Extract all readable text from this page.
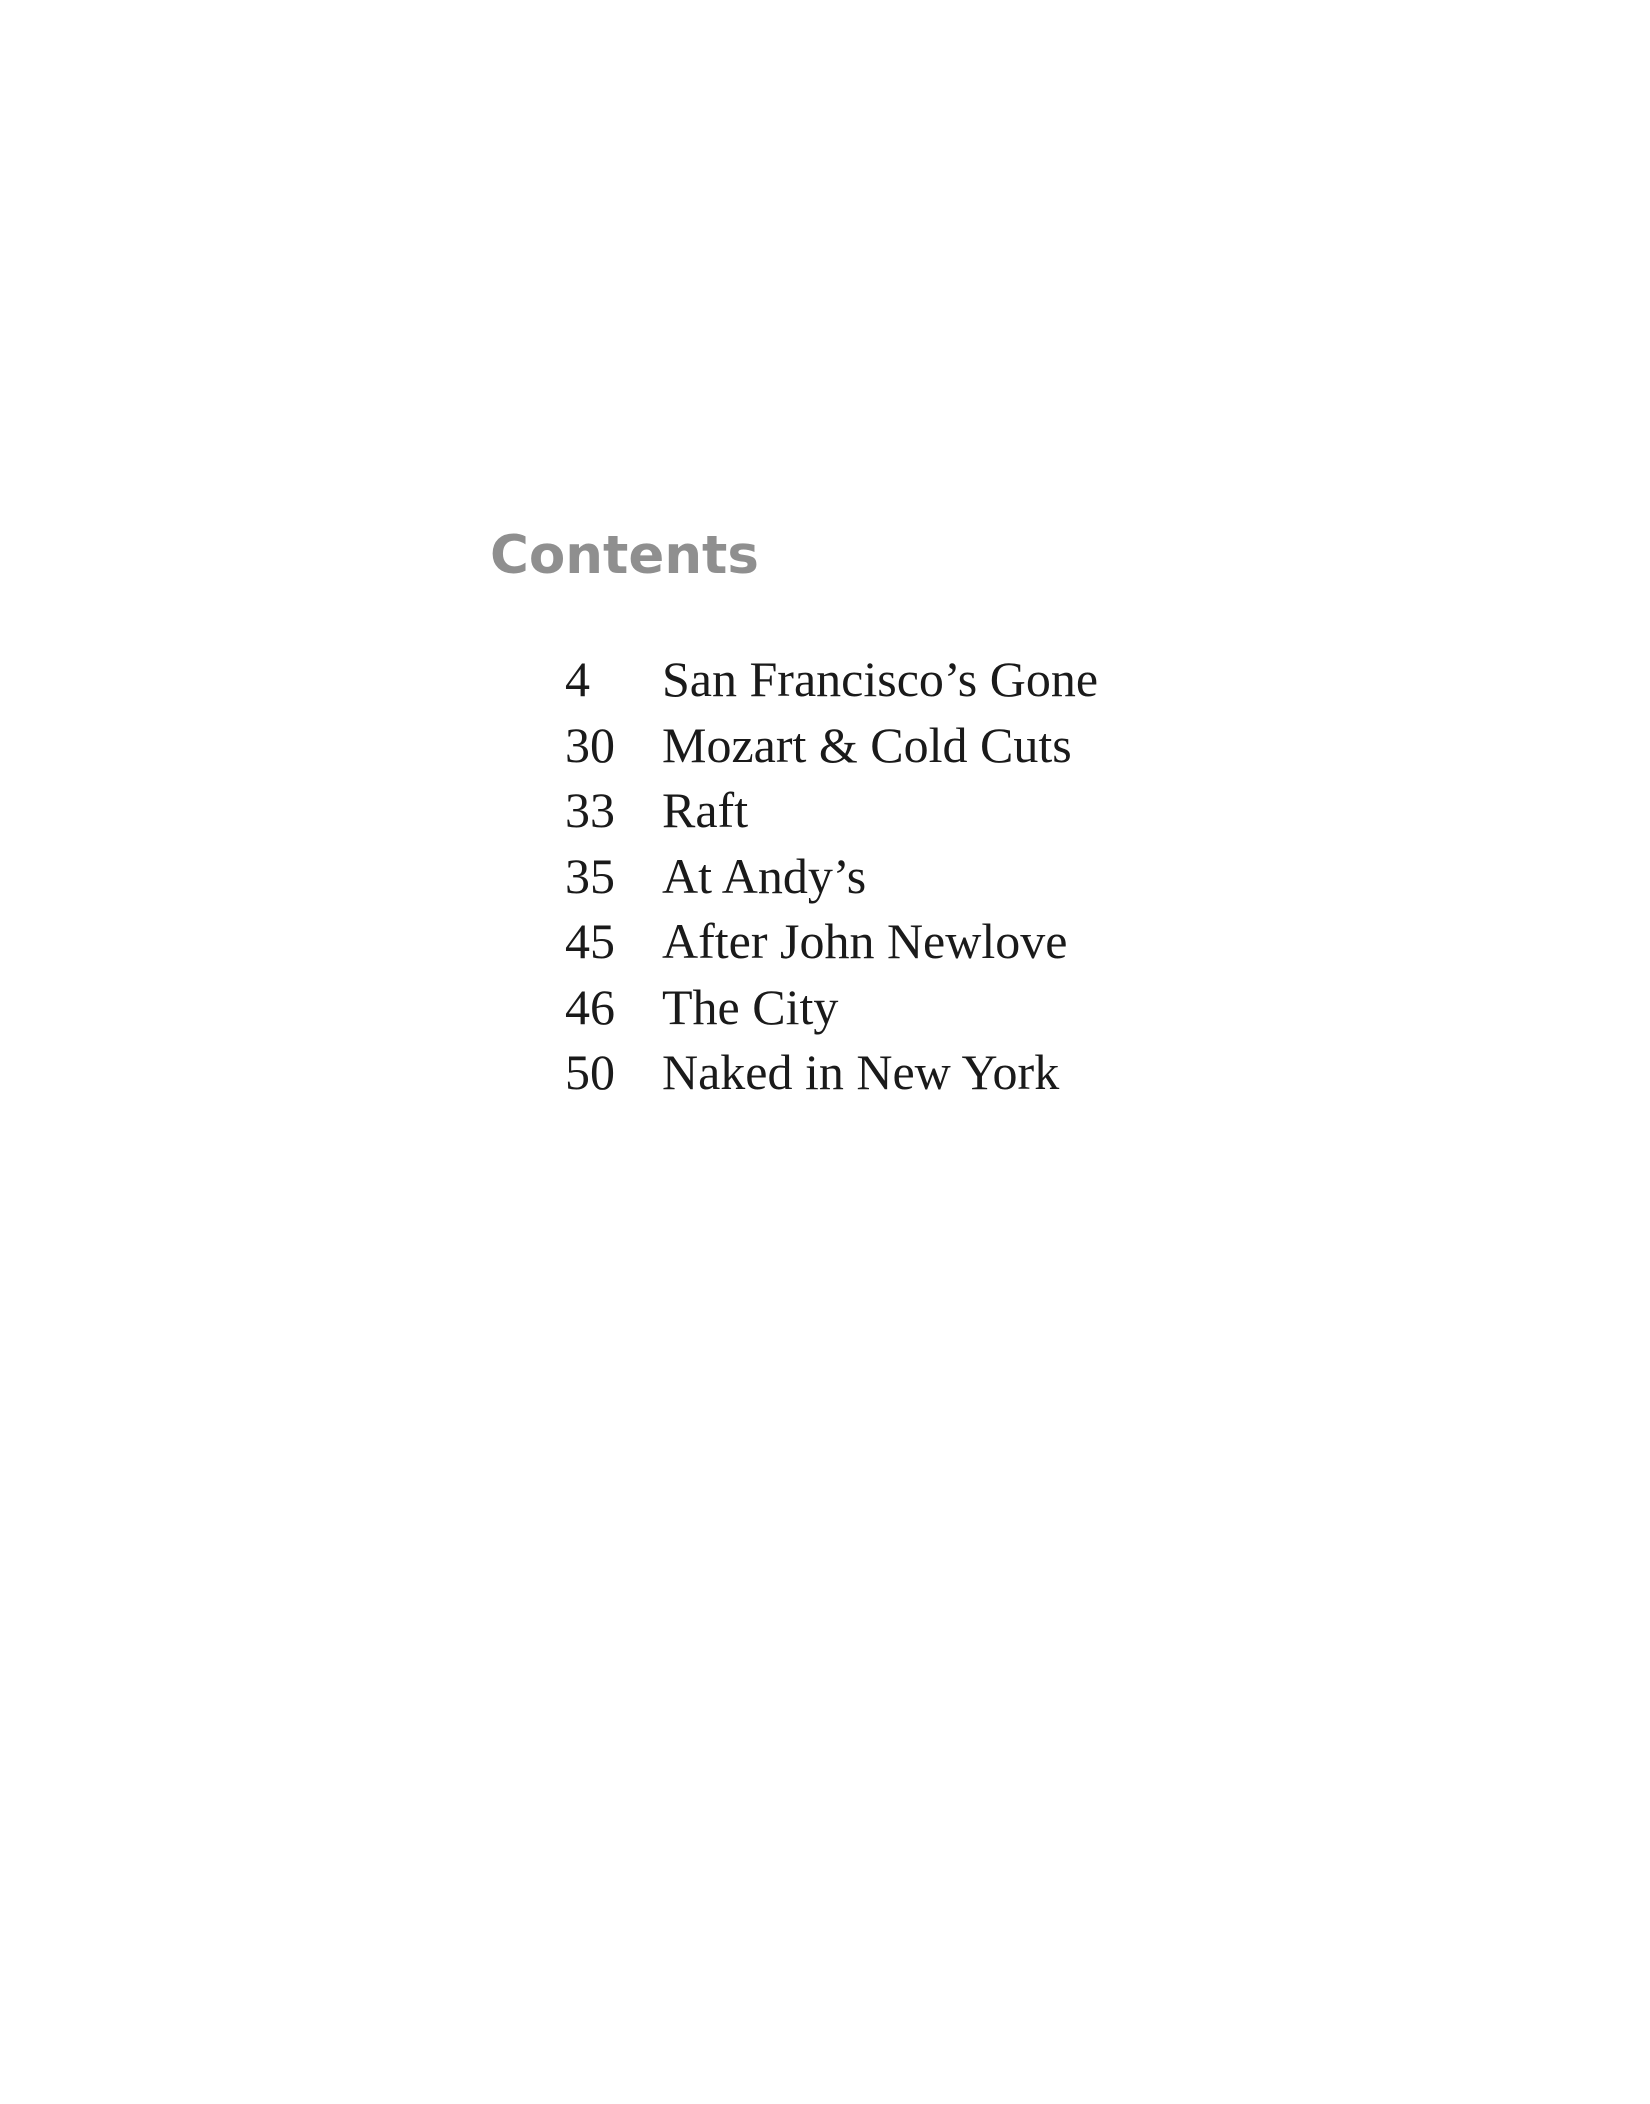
Contents
4	San Francisco’s Gone
30 Mozart & Cold Cuts
33 Raft
35 At Andy’s
45 After John Newlove
46 The City
50 Naked in New York
